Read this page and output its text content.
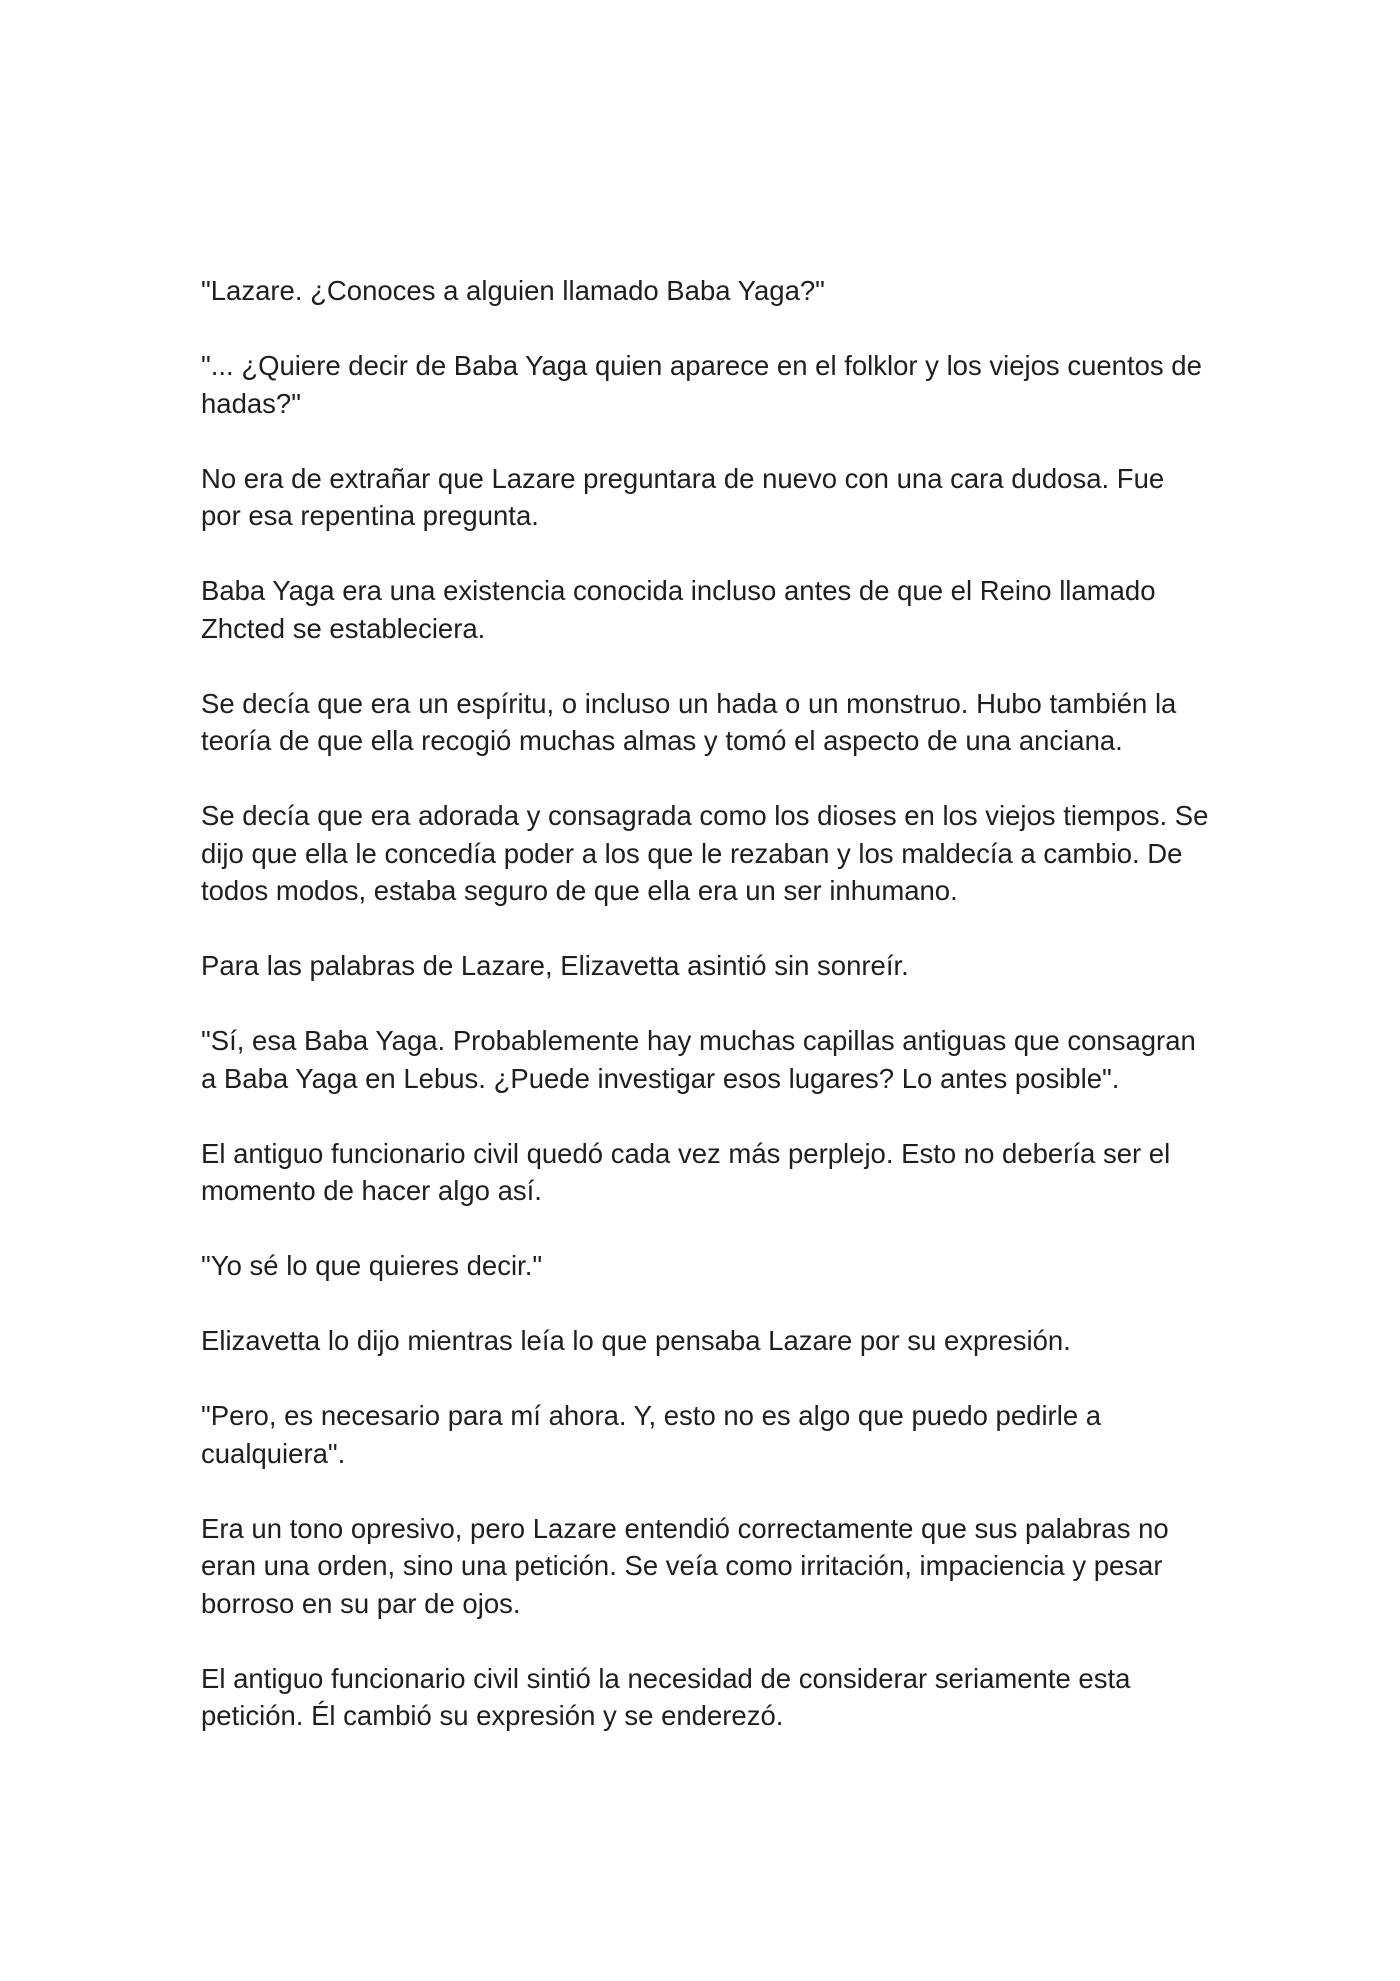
"Lazare. ¿Conoces a alguien llamado Baba Yaga?"

"... ¿Quiere decir de Baba Yaga quien aparece en el folklor y los viejos cuentos de hadas?"

No era de extrañar que Lazare preguntara de nuevo con una cara dudosa. Fue por esa repentina pregunta.

Baba Yaga era una existencia conocida incluso antes de que el Reino llamado Zhcted se estableciera.

Se decía que era un espíritu, o incluso un hada o un monstruo. Hubo también la teoría de que ella recogió muchas almas y tomó el aspecto de una anciana.

Se decía que era adorada y consagrada como los dioses en los viejos tiempos. Se dijo que ella le concedía poder a los que le rezaban y los maldecía a cambio. De todos modos, estaba seguro de que ella era un ser inhumano.

Para las palabras de Lazare, Elizavetta asintió sin sonreír.

"Sí, esa Baba Yaga. Probablemente hay muchas capillas antiguas que consagran a Baba Yaga en Lebus. ¿Puede investigar esos lugares? Lo antes posible".

El antiguo funcionario civil quedó cada vez más perplejo. Esto no debería ser el momento de hacer algo así.

"Yo sé lo que quieres decir."

Elizavetta lo dijo mientras leía lo que pensaba Lazare por su expresión.

"Pero, es necesario para mí ahora. Y, esto no es algo que puedo pedirle a cualquiera".

Era un tono opresivo, pero Lazare entendió correctamente que sus palabras no eran una orden, sino una petición. Se veía como irritación, impaciencia y pesar borroso en su par de ojos.

El antiguo funcionario civil sintió la necesidad de considerar seriamente esta petición. Él cambió su expresión y se enderezó.
